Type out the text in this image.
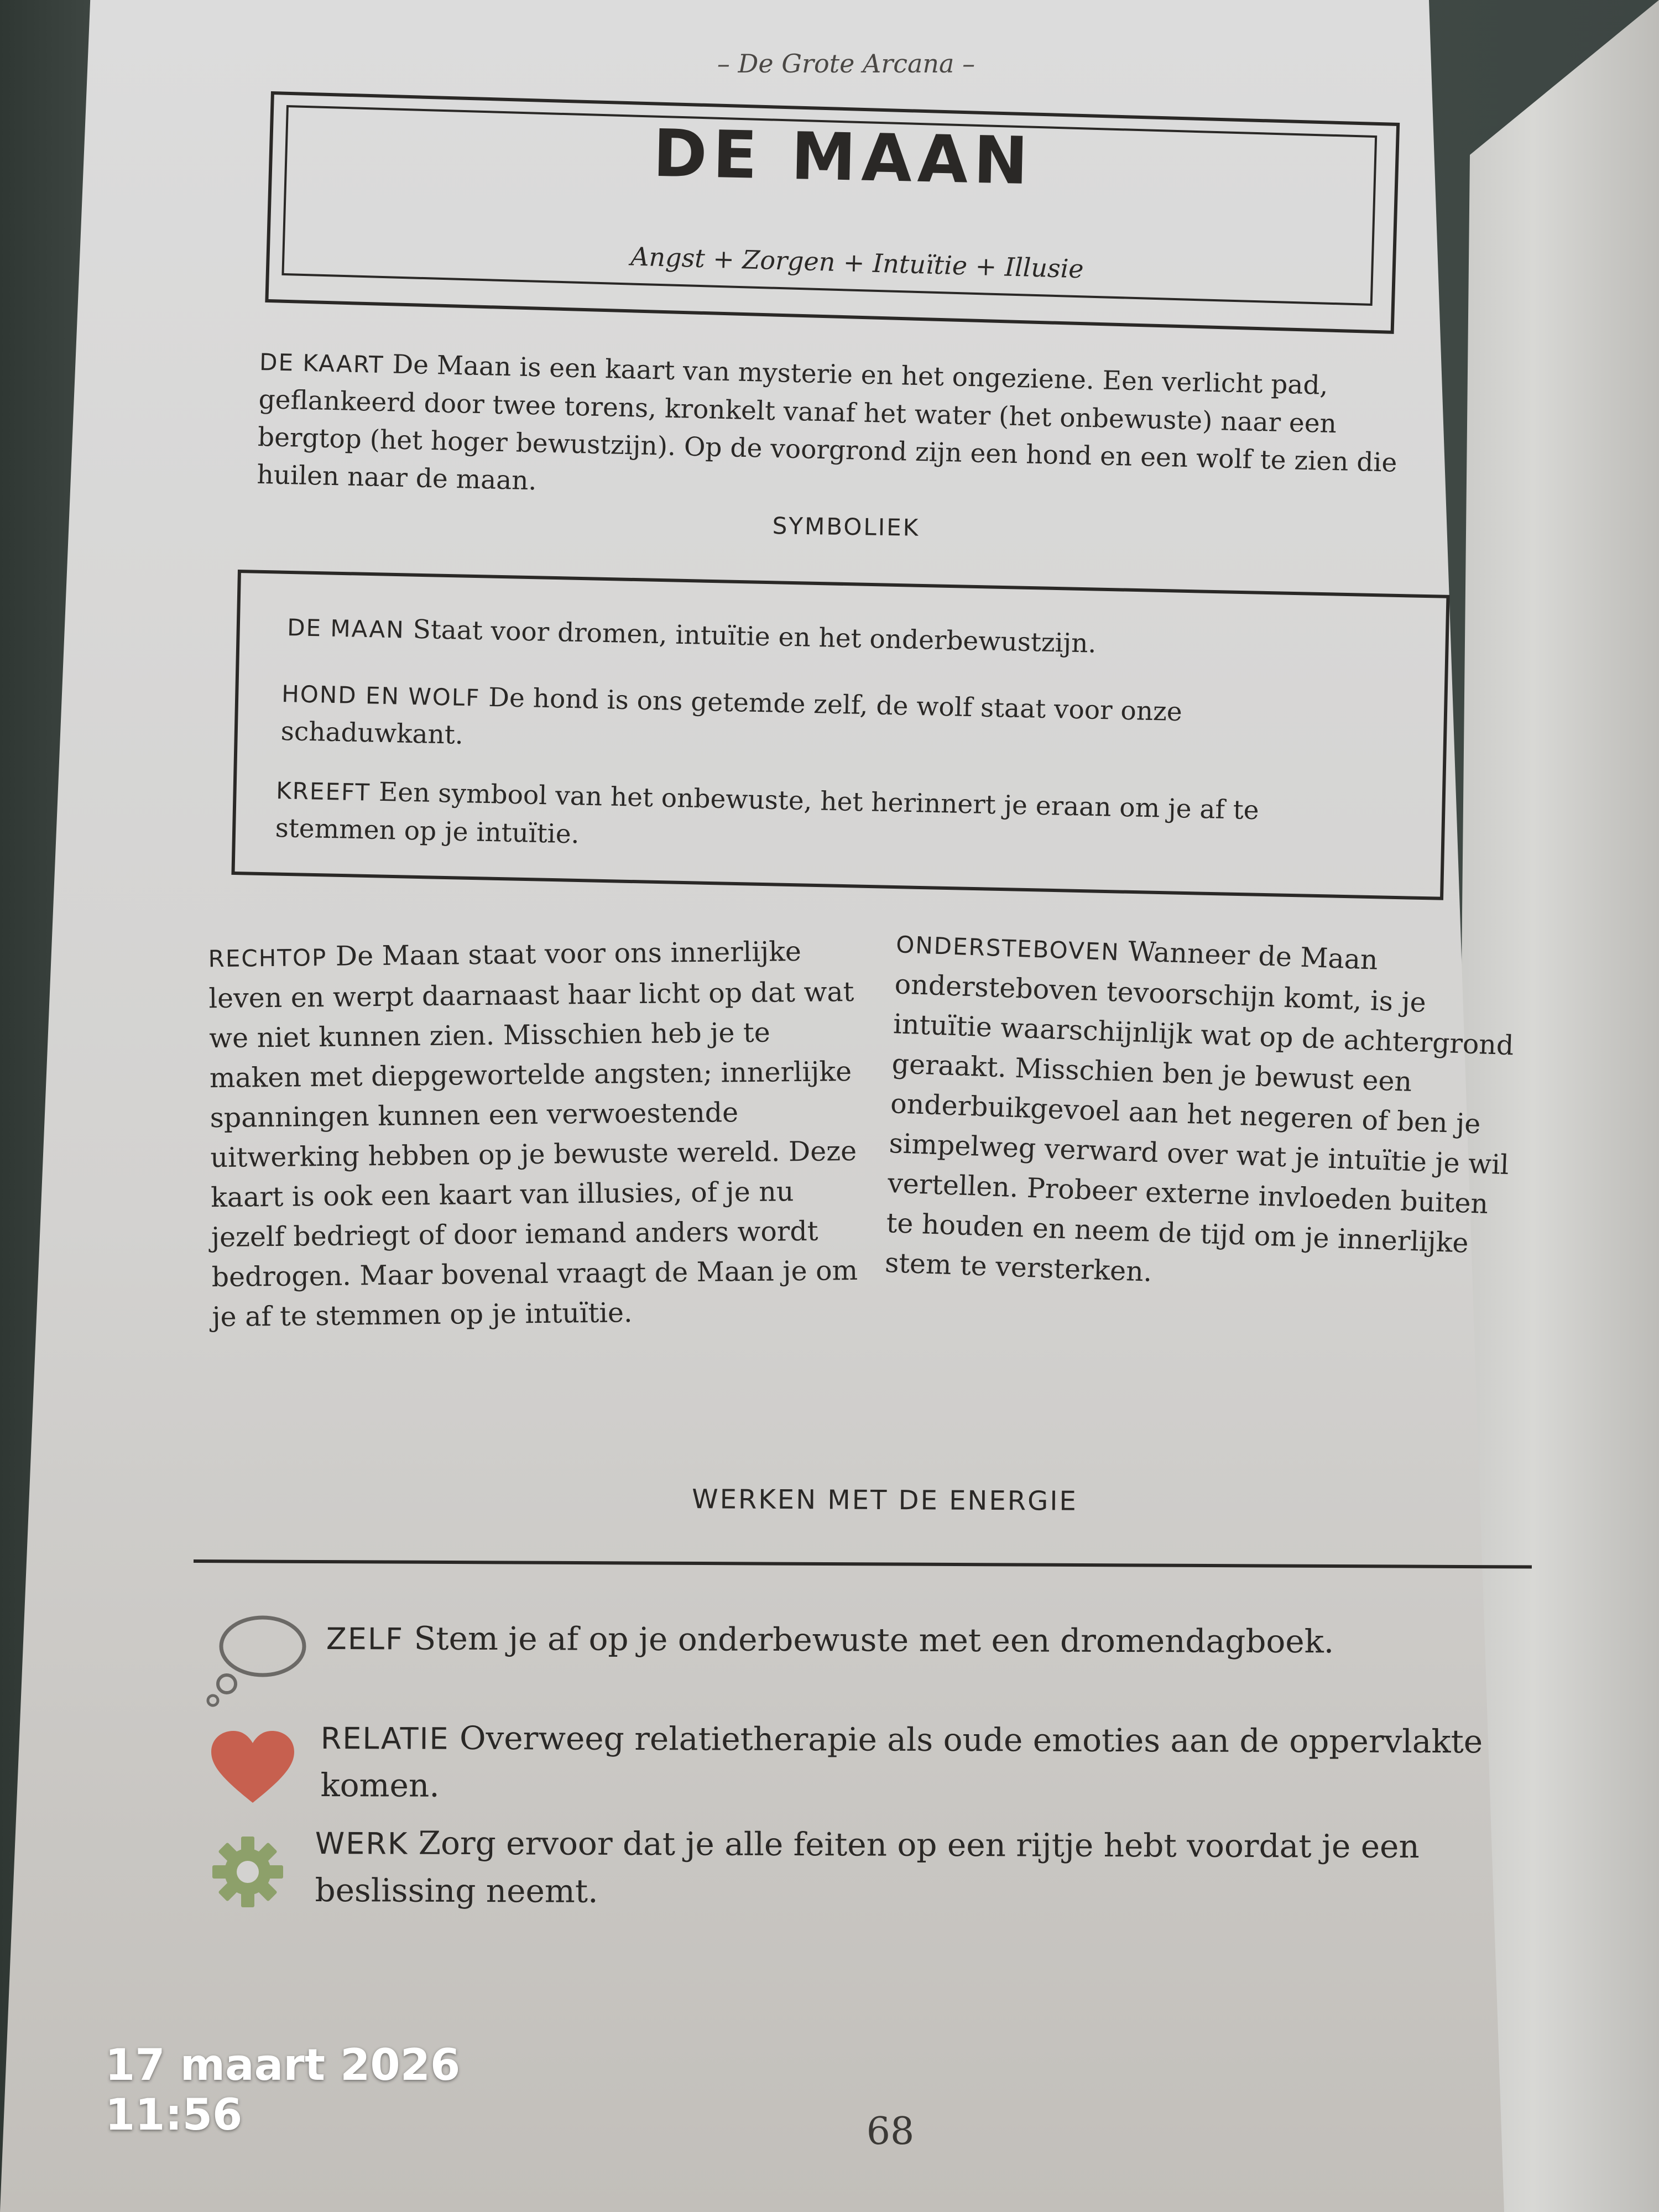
– De Grote Arcana –
DE MAAN
Angst + Zorgen + Intuïtie + Illusie
DE KAART De Maan is een kaart van mysterie en het ongeziene. Een verlicht pad, geflankeerd door twee torens, kronkelt vanaf het water (het onbewuste) naar een bergtop (het hoger bewustzijn). Op de voorgrond zijn een hond en een wolf te zien die huilen naar de maan.
SYMBOLIEK
DE MAAN Staat voor dromen, intuïtie en het onderbewustzijn.
HOND EN WOLF De hond is ons getemde zelf, de wolf staat voor onze schaduwkant.
KREEFT Een symbool van het onbewuste, het herinnert je eraan om je af te stemmen op je intuïtie.
RECHTOP De Maan staat voor ons innerlijke leven en werpt daarnaast haar licht op dat wat we niet kunnen zien. Misschien heb je te maken met diepgewortelde angsten; innerlijke spanningen kunnen een verwoestende uitwerking hebben op je bewuste wereld. Deze kaart is ook een kaart van illusies, of je nu jezelf bedriegt of door iemand anders wordt bedrogen. Maar bovenal vraagt de Maan je om je af te stemmen op je intuïtie.
ONDERSTEBOVEN Wanneer de Maan ondersteboven tevoorschijn komt, is je intuïtie waarschijnlijk wat op de achtergrond geraakt. Misschien ben je bewust een onderbuikgevoel aan het negeren of ben je simpelweg verward over wat je intuïtie je wil vertellen. Probeer externe invloeden buiten te houden en neem de tijd om je innerlijke stem te versterken.
WERKEN MET DE ENERGIE
ZELF Stem je af op je onderbewuste met een dromendagboek.
RELATIE Overweeg relatietherapie als oude emoties aan de oppervlakte komen.
WERK Zorg ervoor dat je alle feiten op een rijtje hebt voordat je een beslissing neemt.
17 maart 2026 11:56	68
